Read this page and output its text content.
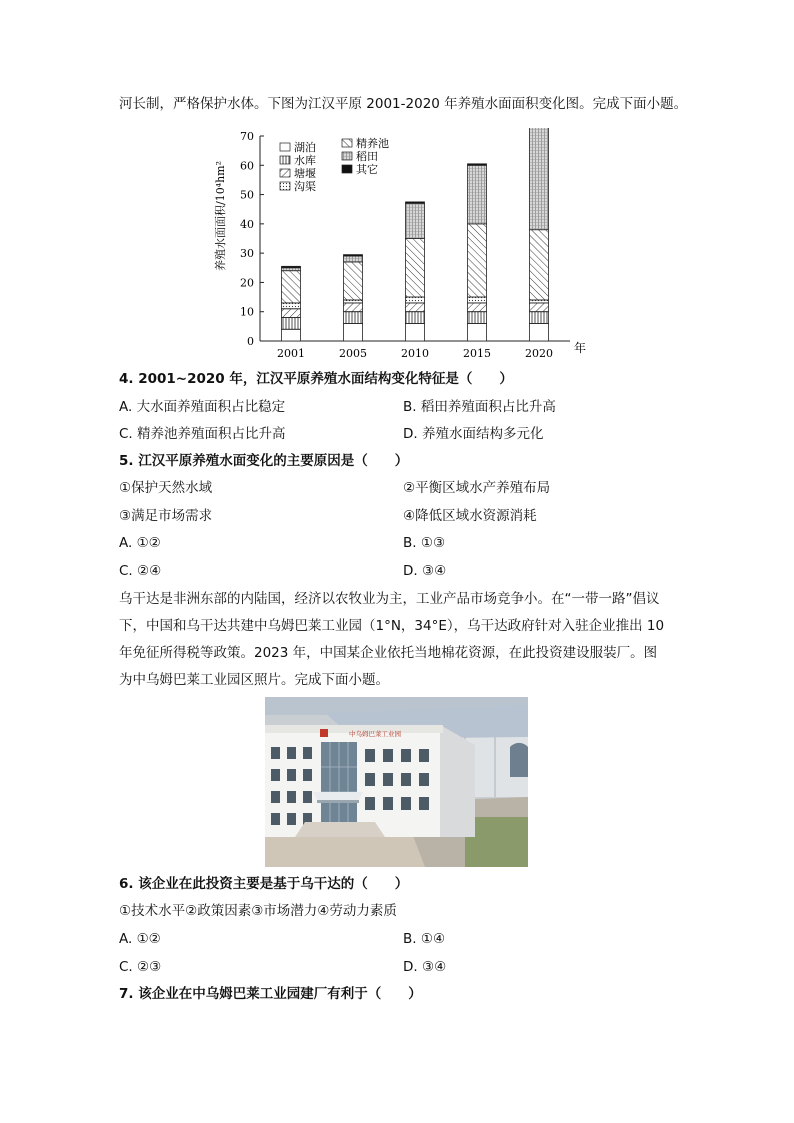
河长制，严格保护水体。下图为江汉平原 2001-2020 年养殖水面面积变化图。完成下面小题。
0
10
20
30
40
50
60
70
2001	2005	2010	2015	2020
湖泊
水库
塘堰
沟渠
精养池
稻田
其它
养殖水面面积/10⁴hm²
年
4. 2001~2020 年，江汉平原养殖水面结构变化特征是（　　）
A. 大水面养殖面积占比稳定	B. 稻田养殖面积占比升高
C. 精养池养殖面积占比升高	D. 养殖水面结构多元化
5. 江汉平原养殖水面变化的主要原因是（　　）
①保护天然水域	②平衡区域水产养殖布局
③满足市场需求	④降低区域水资源消耗
A. ①②	B. ①③
C. ②④	D. ③④
乌干达是非洲东部的内陆国，经济以农牧业为主，工业产品市场竞争小。在“一带一路”倡议
下，中国和乌干达共建中乌姆巴莱工业园（1°N，34°E），乌干达政府针对入驻企业推出 10
年免征所得税等政策。2023 年，中国某企业依托当地棉花资源，在此投资建设服装厂。图
为中乌姆巴莱工业园区照片。完成下面小题。
中乌姆巴莱工业园
6. 该企业在此投资主要是基于乌干达的（　　）
①技术水平②政策因素③市场潜力④劳动力素质
A. ①②	B. ①④
C. ②③	D. ③④
7. 该企业在中乌姆巴莱工业园建厂有利于（　　）
